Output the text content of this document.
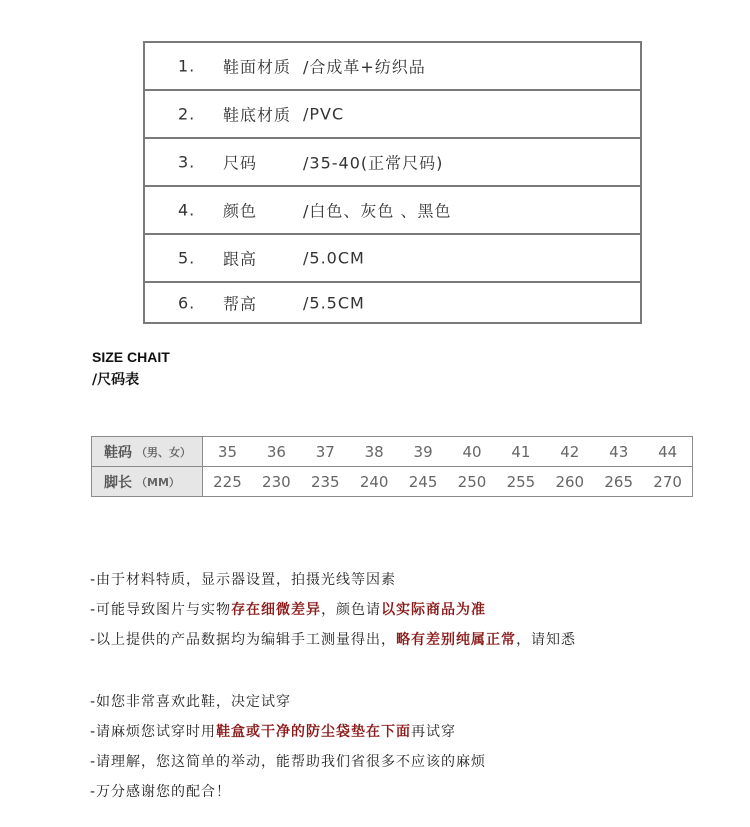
1. 鞋面材质 /合成革+纺织品
2. 鞋底材质 /PVC
3. 尺码	/35-40(正常尺码)
4. 颜色	/白色、灰色 、黑色
5. 跟高	/5.0CM
6. 帮高	/5.5CM
SIZE CHAIT
/尺码表
鞋码 （男、女）	35	36	37	38	39	40	41	42	43	44
脚长 （MM）	225	230	235	240	245	250	255	260	265	270
-由于材料特质，显示器设置，拍摄光线等因素
-可能导致图片与实物存在细微差异，颜色请以实际商品为准
-以上提供的产品数据均为编辑手工测量得出，略有差别纯属正常，请知悉
-如您非常喜欢此鞋，决定试穿
-请麻烦您试穿时用鞋盒或干净的防尘袋垫在下面再试穿
-请理解，您这简单的举动，能帮助我们省很多不应该的麻烦
-万分感谢您的配合！
